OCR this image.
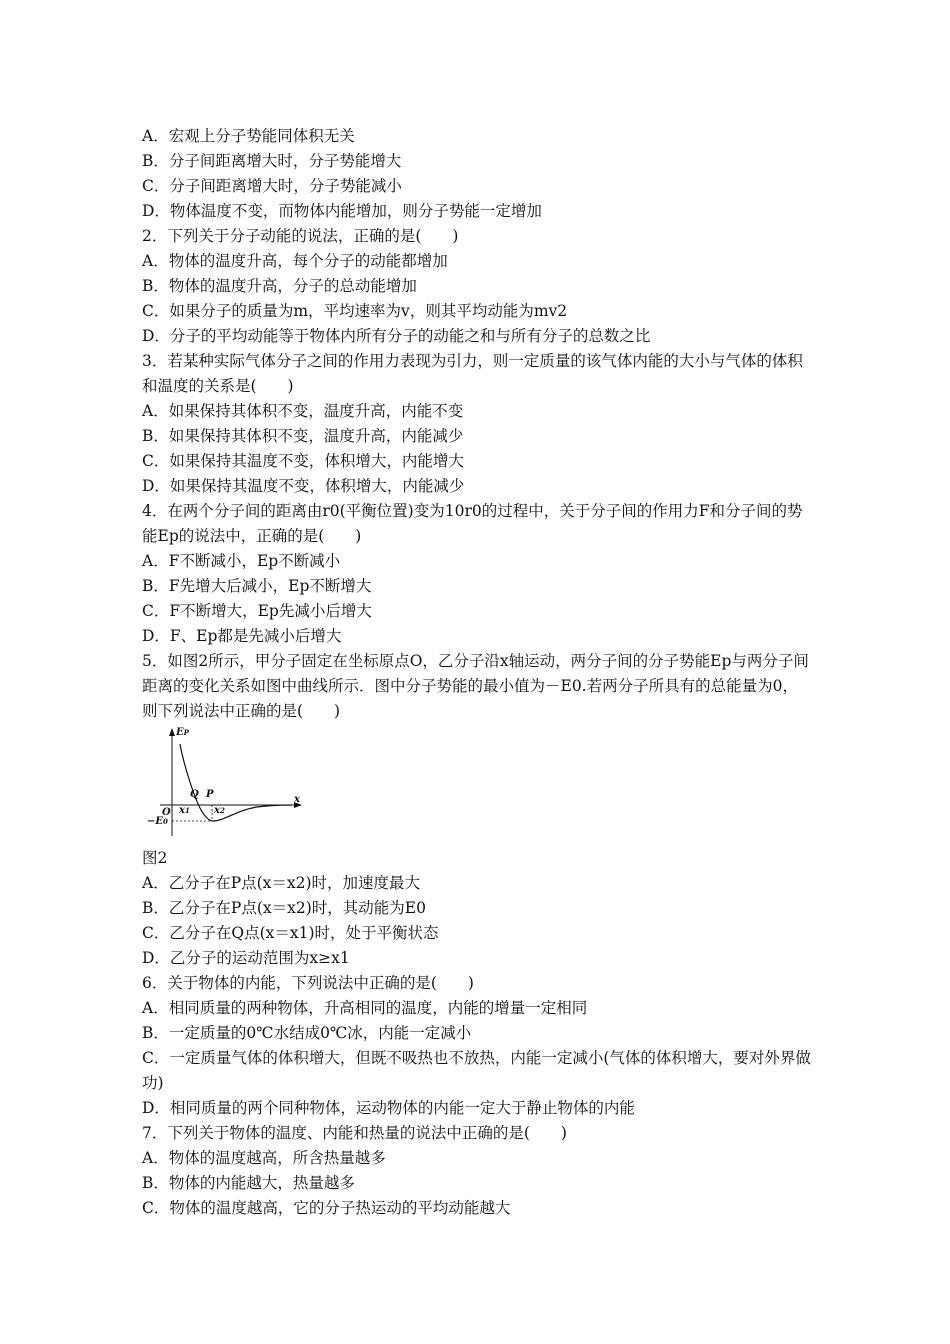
A．宏观上分子势能同体积无关
B．分子间距离增大时，分子势能增大
C．分子间距离增大时，分子势能减小
D．物体温度不变，而物体内能增加，则分子势能一定增加
2．下列关于分子动能的说法，正确的是(　　)
A．物体的温度升高，每个分子的动能都增加
B．物体的温度升高，分子的总动能增加
C．如果分子的质量为m，平均速率为v，则其平均动能为mv2
D．分子的平均动能等于物体内所有分子的动能之和与所有分子的总数之比
3．若某种实际气体分子之间的作用力表现为引力，则一定质量的该气体内能的大小与气体的体积和温度的关系是(　　)
A．如果保持其体积不变，温度升高，内能不变
B．如果保持其体积不变，温度升高，内能减少
C．如果保持其温度不变，体积增大，内能增大
D．如果保持其温度不变，体积增大，内能减少
4．在两个分子间的距离由r0(平衡位置)变为10r0的过程中，关于分子间的作用力F和分子间的势能Ep的说法中，正确的是(　　)
A．F不断减小，Ep不断减小
B．F先增大后减小，Ep不断增大
C．F不断增大，Ep先减小后增大
D．F、Ep都是先减小后增大
5．如图2所示，甲分子固定在坐标原点O，乙分子沿x轴运动，两分子间的分子势能Ep与两分子间距离的变化关系如图中曲线所示．图中分子势能的最小值为－E0.若两分子所具有的总能量为0，则下列说法中正确的是(　　)
EP
x
O
Q P
x1 x2
−E0
图2
A．乙分子在P点(x＝x2)时，加速度最大
B．乙分子在P点(x＝x2)时，其动能为E0
C．乙分子在Q点(x＝x1)时，处于平衡状态
D．乙分子的运动范围为x≥x1
6．关于物体的内能，下列说法中正确的是(　　)
A．相同质量的两种物体，升高相同的温度，内能的增量一定相同
B．一定质量的0℃水结成0℃冰，内能一定减小
C．一定质量气体的体积增大，但既不吸热也不放热，内能一定减小(气体的体积增大，要对外界做功)
D．相同质量的两个同种物体，运动物体的内能一定大于静止物体的内能
7．下列关于物体的温度、内能和热量的说法中正确的是(　　)
A．物体的温度越高，所含热量越多
B．物体的内能越大，热量越多
C．物体的温度越高，它的分子热运动的平均动能越大
